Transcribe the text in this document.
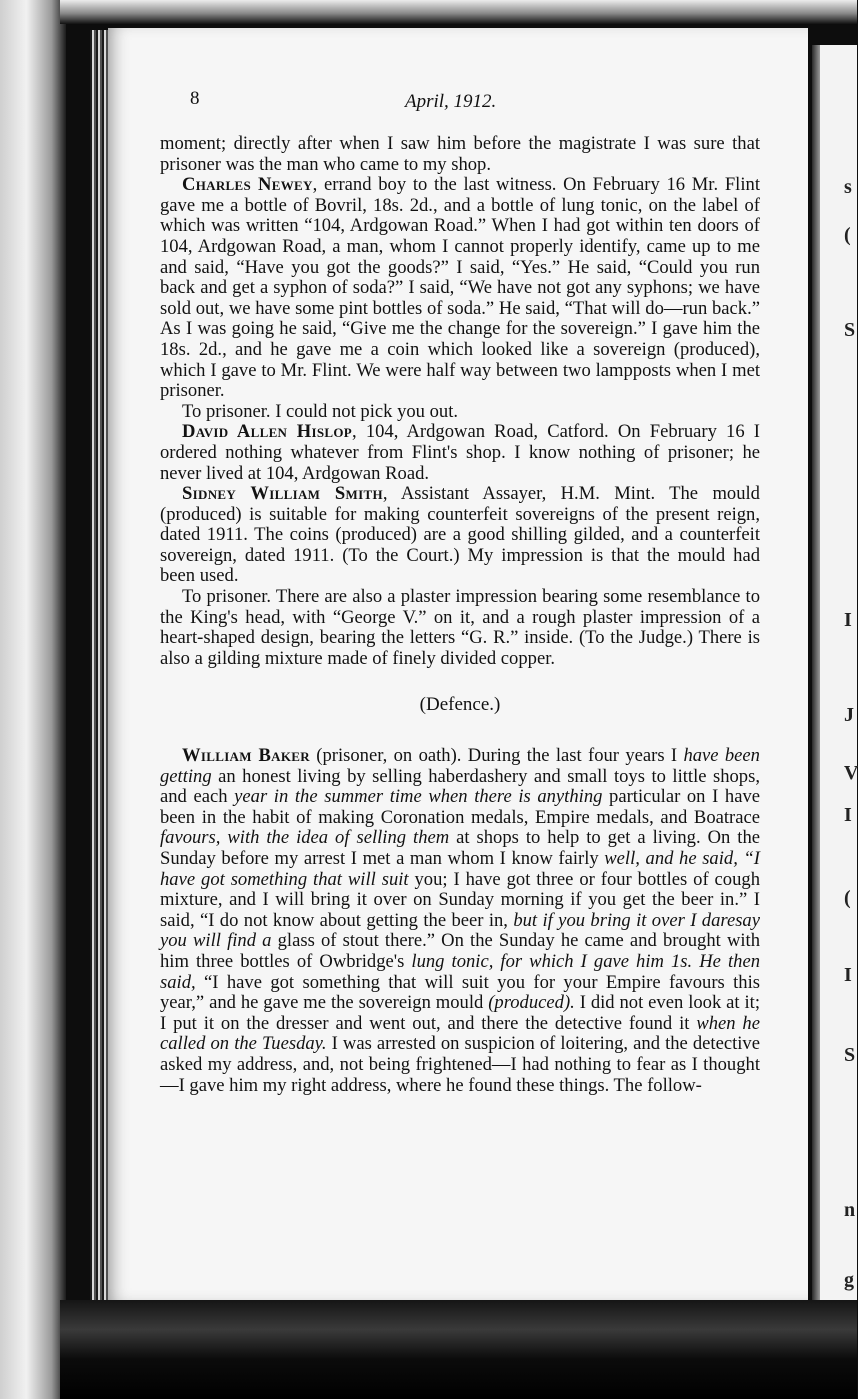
s
(
S
I
J
V
I
(
I
S
n
g
8	April, 1912.

moment; directly after when I saw him before the magistrate I was sure that prisoner was the man who came to my shop.

Charles Newey, errand boy to the last witness. On February 16 Mr. Flint gave me a bottle of Bovril, 18s. 2d., and a bottle of lung tonic, on the label of which was written “104, Ardgowan Road.” When I had got within ten doors of 104, Ardgowan Road, a man, whom I cannot properly identify, came up to me and said, “Have you got the goods?” I said, “Yes.” He said, “Could you run back and get a syphon of soda?” I said, “We have not got any syphons; we have sold out, we have some pint bottles of soda.” He said, “That will do—run back.” As I was going he said, “Give me the change for the sovereign.” I gave him the 18s. 2d., and he gave me a coin which looked like a sovereign (produced), which I gave to Mr. Flint. We were half way between two lampposts when I met prisoner.

To prisoner. I could not pick you out.

David Allen Hislop, 104, Ardgowan Road, Catford. On February 16 I ordered nothing whatever from Flint's shop. I know nothing of prisoner; he never lived at 104, Ardgowan Road.

Sidney William Smith, Assistant Assayer, H.M. Mint. The mould (produced) is suitable for making counterfeit sovereigns of the present reign, dated 1911. The coins (produced) are a good shilling gilded, and a counterfeit sovereign, dated 1911. (To the Court.) My impression is that the mould had been used.

To prisoner. There are also a plaster impression bearing some resemblance to the King's head, with “George V.” on it, and a rough plaster impression of a heart-shaped design, bearing the letters “G. R.” inside. (To the Judge.) There is also a gilding mixture made of finely divided copper.

(Defence.)

William Baker (prisoner, on oath). During the last four years I have been getting an honest living by selling haberdashery and small toys to little shops, and each year in the summer time when there is anything particular on I have been in the habit of making Coronation medals, Empire medals, and Boatrace favours, with the idea of selling them at shops to help to get a living. On the Sunday before my arrest I met a man whom I know fairly well, and he said, “I have got something that will suit you; I have got three or four bottles of cough mixture, and I will bring it over on Sunday morning if you get the beer in.” I said, “I do not know about getting the beer in, but if you bring it over I daresay you will find a glass of stout there.” On the Sunday he came and brought with him three bottles of Owbridge's lung tonic, for which I gave him 1s. He then said, “I have got something that will suit you for your Empire favours this year,” and he gave me the sovereign mould (produced). I did not even look at it; I put it on the dresser and went out, and there the detective found it when he called on the Tuesday. I was arrested on suspicion of loitering, and the detective asked my address, and, not being frightened—I had nothing to fear as I thought—I gave him my right address, where he found these things. The follow-
